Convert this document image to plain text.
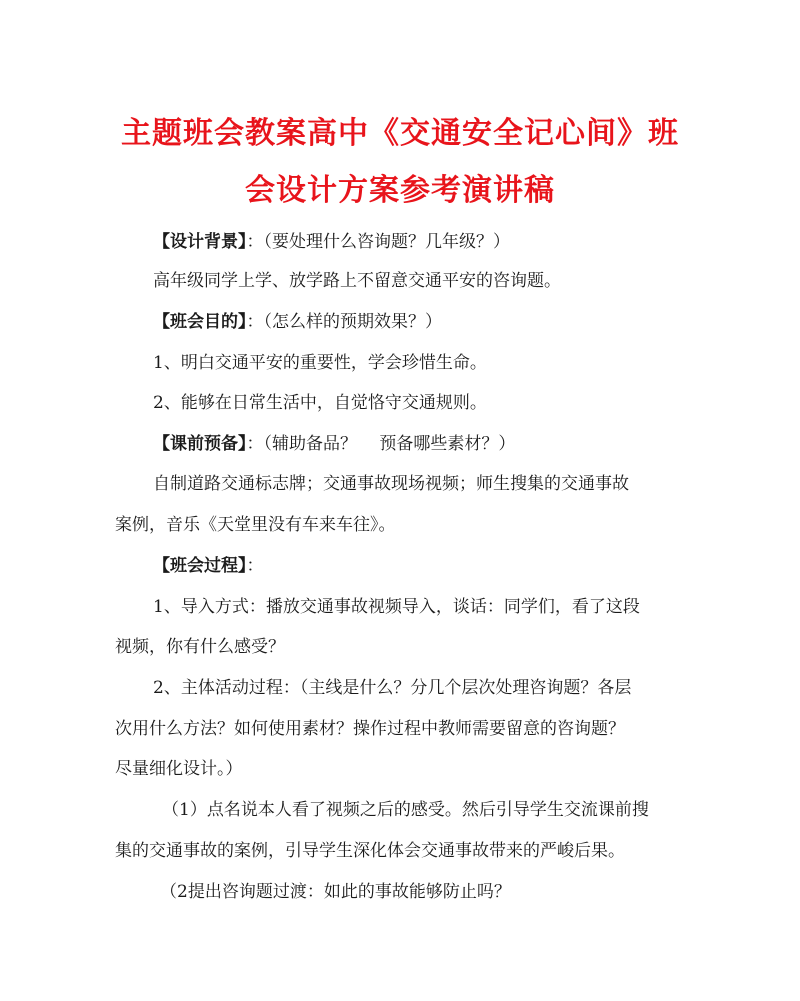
主题班会教案高中《交通安全记心间》班
会设计方案参考演讲稿
【设计背景】：（要处理什么咨询题？几年级？）
高年级同学上学、放学路上不留意交通平安的咨询题。
【班会目的】：（怎么样的预期效果？）
1、明白交通平安的重要性，学会珍惜生命。
2、能够在日常生活中，自觉恪守交通规则。
【课前预备】：（辅助备品？　 预备哪些素材？）
自制道路交通标志牌；交通事故现场视频；师生搜集的交通事故
案例，音乐《天堂里没有车来车往》。
【班会过程】：
1、导入方式：播放交通事故视频导入，谈话：同学们，看了这段
视频，你有什么感受？
2、主体活动过程：（主线是什么？分几个层次处理咨询题？各层
次用什么方法？如何使用素材？操作过程中教师需要留意的咨询题？
尽量细化设计。）
（1）点名说本人看了视频之后的感受。然后引导学生交流课前搜
集的交通事故的案例，引导学生深化体会交通事故带来的严峻后果。
（2提出咨询题过渡：如此的事故能够防止吗？
